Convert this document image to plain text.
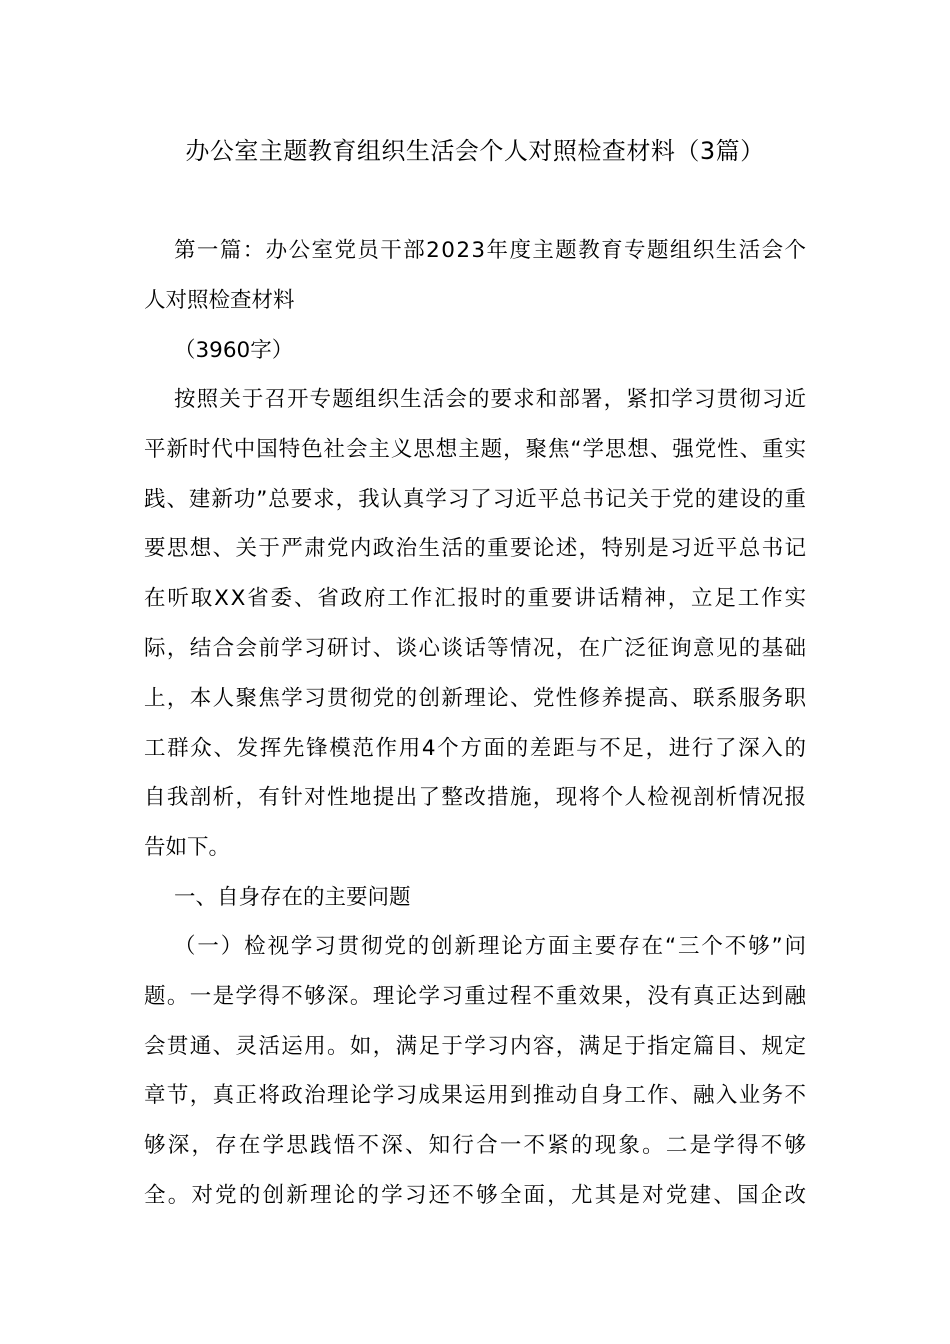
办公室主题教育组织生活会个人对照检查材料（3篇）
第一篇：办公室党员干部2023年度主题教育专题组织生活会个
人对照检查材料
（3960字）
按照关于召开专题组织生活会的要求和部署，紧扣学习贯彻习近
平新时代中国特色社会主义思想主题，聚焦“学思想、强党性、重实
践、建新功”总要求，我认真学习了习近平总书记关于党的建设的重
要思想、关于严肃党内政治生活的重要论述，特别是习近平总书记
在听取XX省委、省政府工作汇报时的重要讲话精神，立足工作实
际，结合会前学习研讨、谈心谈话等情况，在广泛征询意见的基础
上，本人聚焦学习贯彻党的创新理论、党性修养提高、联系服务职
工群众、发挥先锋模范作用4个方面的差距与不足，进行了深入的
自我剖析，有针对性地提出了整改措施，现将个人检视剖析情况报
告如下。
一、自身存在的主要问题
（一）检视学习贯彻党的创新理论方面主要存在“三个不够”问
题。一是学得不够深。理论学习重过程不重效果，没有真正达到融
会贯通、灵活运用。如，满足于学习内容，满足于指定篇目、规定
章节，真正将政治理论学习成果运用到推动自身工作、融入业务不
够深，存在学思践悟不深、知行合一不紧的现象。二是学得不够
全。对党的创新理论的学习还不够全面，尤其是对党建、国企改
